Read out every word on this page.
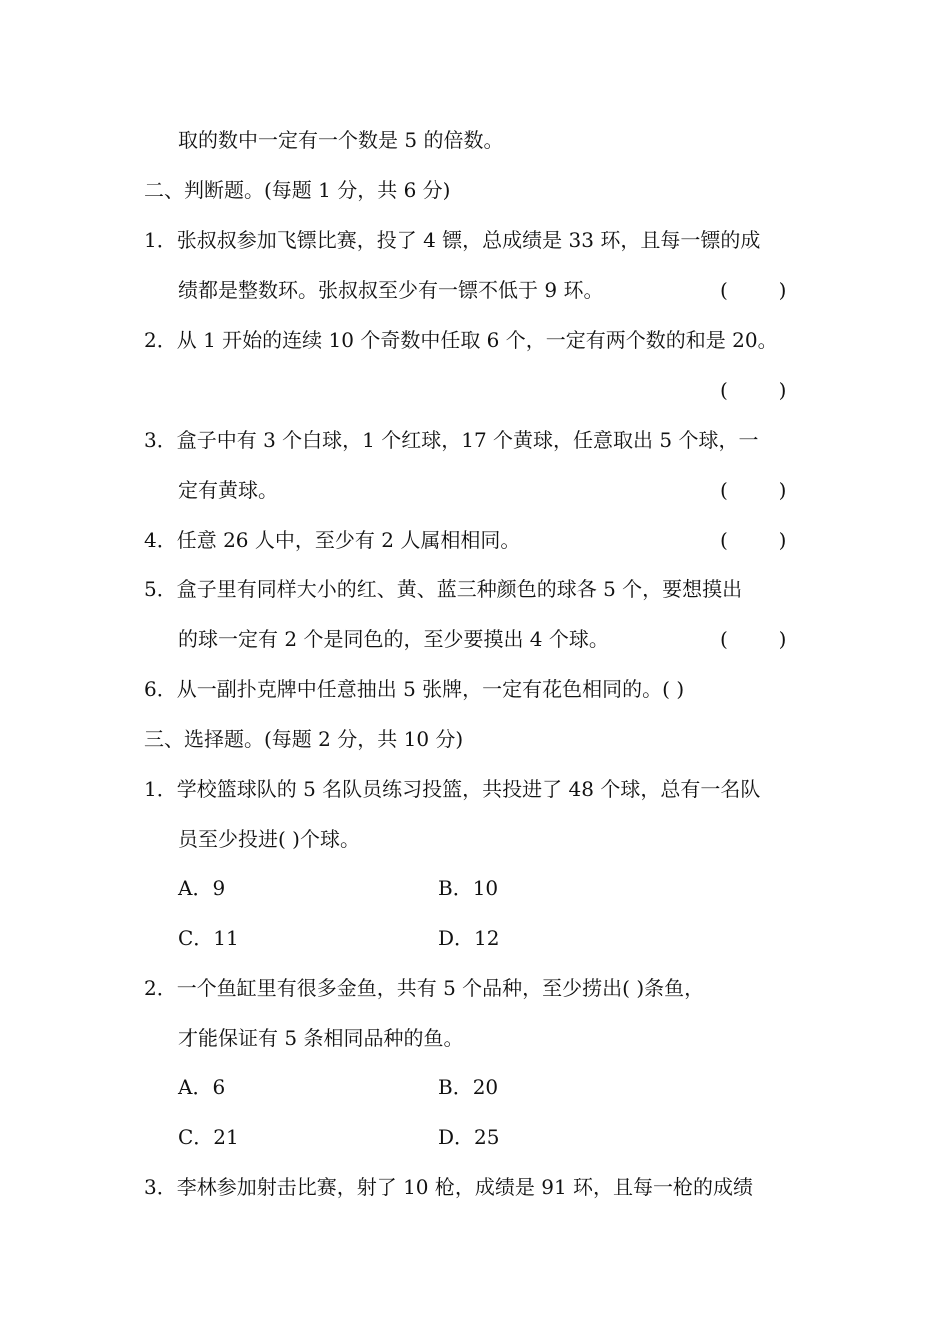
取的数中一定有一个数是 5 的倍数。
二、判断题。(每题 1 分，共 6 分)
1．张叔叔参加飞镖比赛，投了 4 镖，总成绩是 33 环，且每一镖的成
绩都是整数环。张叔叔至少有一镖不低于 9 环。	(        )
2．从 1 开始的连续 10 个奇数中任取 6 个，一定有两个数的和是 20。
(        )
3．盒子中有 3 个白球，1 个红球，17 个黄球，任意取出 5 个球，一
定有黄球。	(        )
4．任意 26 人中，至少有 2 人属相相同。	(        )
5．盒子里有同样大小的红、黄、蓝三种颜色的球各 5 个，要想摸出
的球一定有 2 个是同色的，至少要摸出 4 个球。	(        )
6．从一副扑克牌中任意抽出 5 张牌，一定有花色相同的。( )
三、选择题。(每题 2 分，共 10 分)
1．学校篮球队的 5 名队员练习投篮，共投进了 48 个球，总有一名队
员至少投进( )个球。
A．9	B．10
C．11	D．12
2．一个鱼缸里有很多金鱼，共有 5 个品种，至少捞出( )条鱼，
才能保证有 5 条相同品种的鱼。
A．6	B．20
C．21	D．25
3．李林参加射击比赛，射了 10 枪，成绩是 91 环，且每一枪的成绩
